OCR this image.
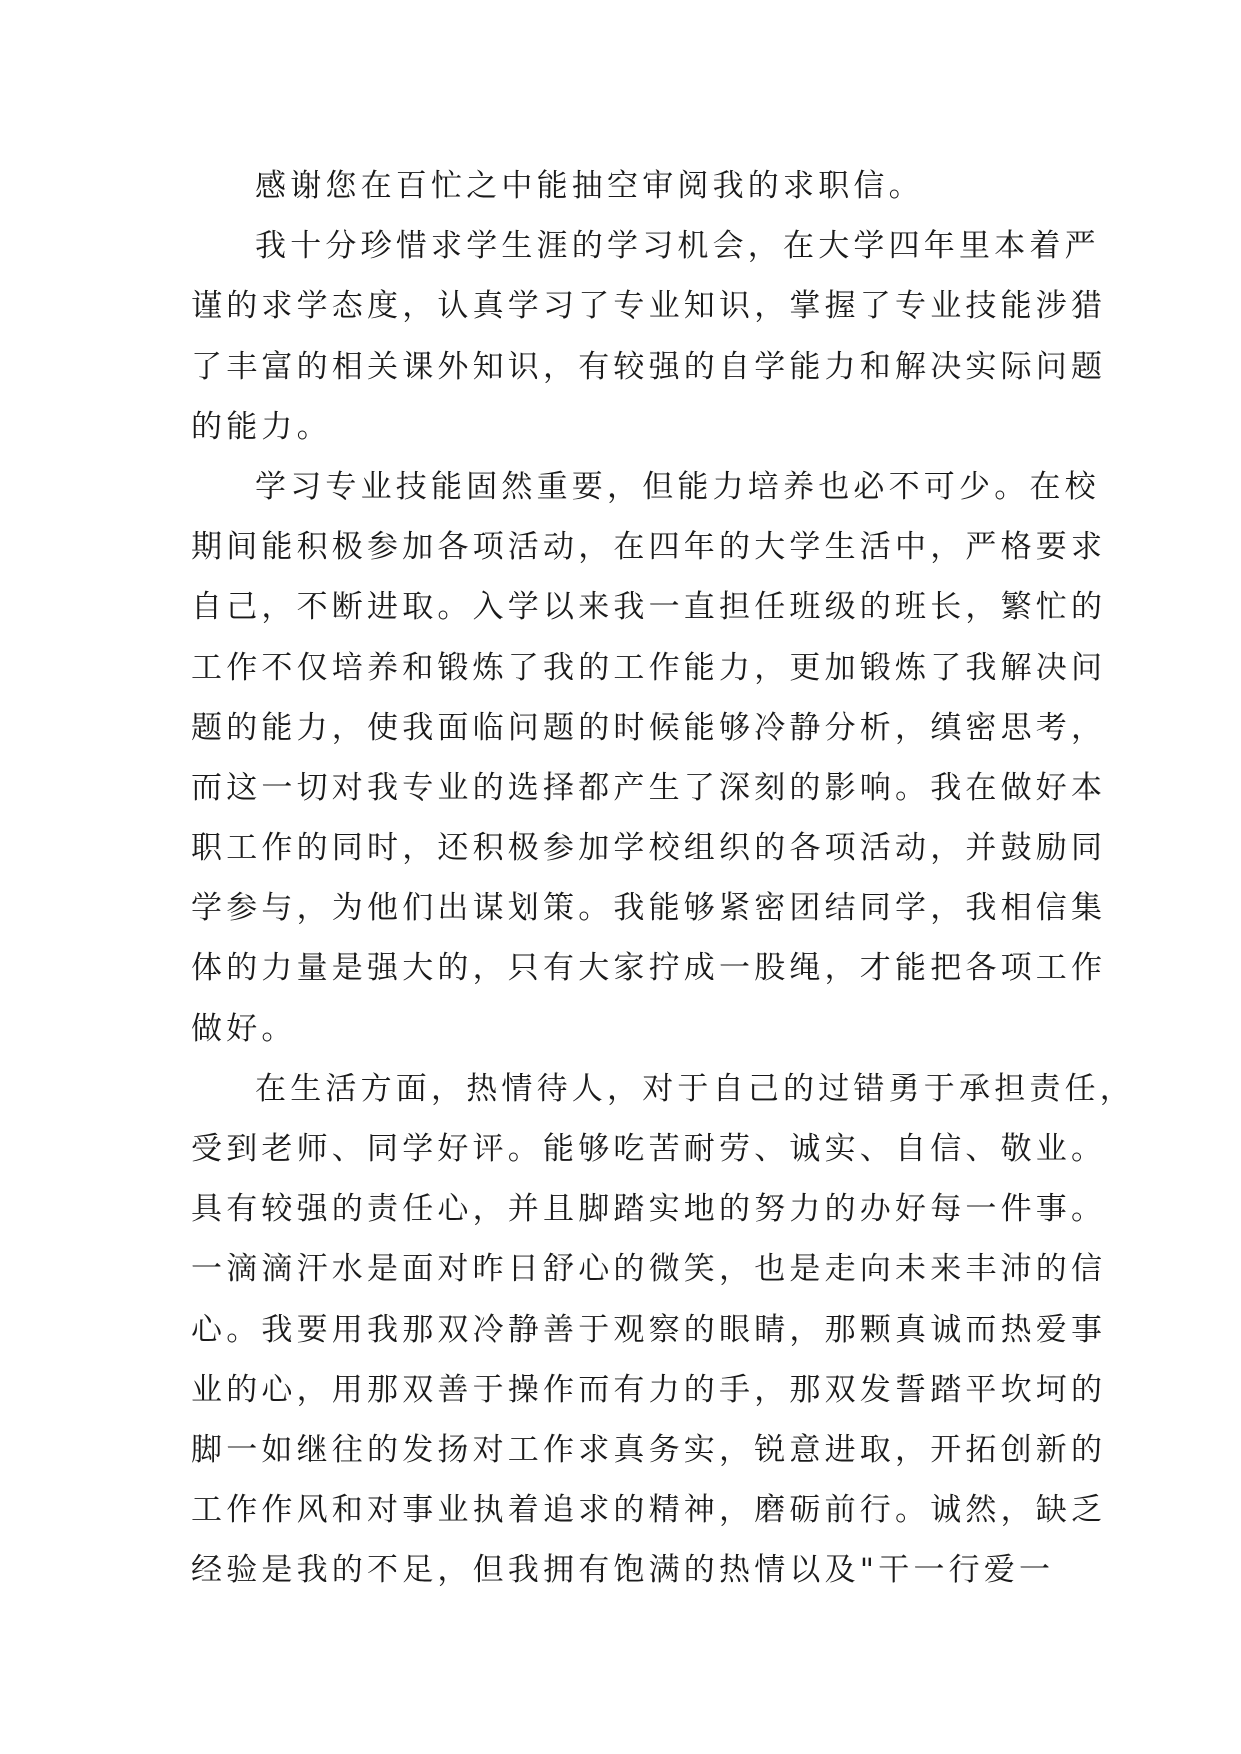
感谢您在百忙之中能抽空审阅我的求职信。
我十分珍惜求学生涯的学习机会，在大学四年里本着严
谨的求学态度，认真学习了专业知识，掌握了专业技能涉猎
了丰富的相关课外知识，有较强的自学能力和解决实际问题
的能力。
学习专业技能固然重要，但能力培养也必不可少。在校
期间能积极参加各项活动，在四年的大学生活中，严格要求
自己，不断进取。入学以来我一直担任班级的班长，繁忙的
工作不仅培养和锻炼了我的工作能力，更加锻炼了我解决问
题的能力，使我面临问题的时候能够冷静分析，缜密思考，
而这一切对我专业的选择都产生了深刻的影响。我在做好本
职工作的同时，还积极参加学校组织的各项活动，并鼓励同
学参与，为他们出谋划策。我能够紧密团结同学，我相信集
体的力量是强大的，只有大家拧成一股绳，才能把各项工作
做好。
在生活方面，热情待人，对于自己的过错勇于承担责任，
受到老师、同学好评。能够吃苦耐劳、诚实、自信、敬业。
具有较强的责任心，并且脚踏实地的努力的办好每一件事。
一滴滴汗水是面对昨日舒心的微笑，也是走向未来丰沛的信
心。我要用我那双冷静善于观察的眼睛，那颗真诚而热爱事
业的心，用那双善于操作而有力的手，那双发誓踏平坎坷的
脚一如继往的发扬对工作求真务实，锐意进取，开拓创新的
工作作风和对事业执着追求的精神，磨砺前行。诚然，缺乏
经验是我的不足，但我拥有饱满的热情以及"干一行爱一
